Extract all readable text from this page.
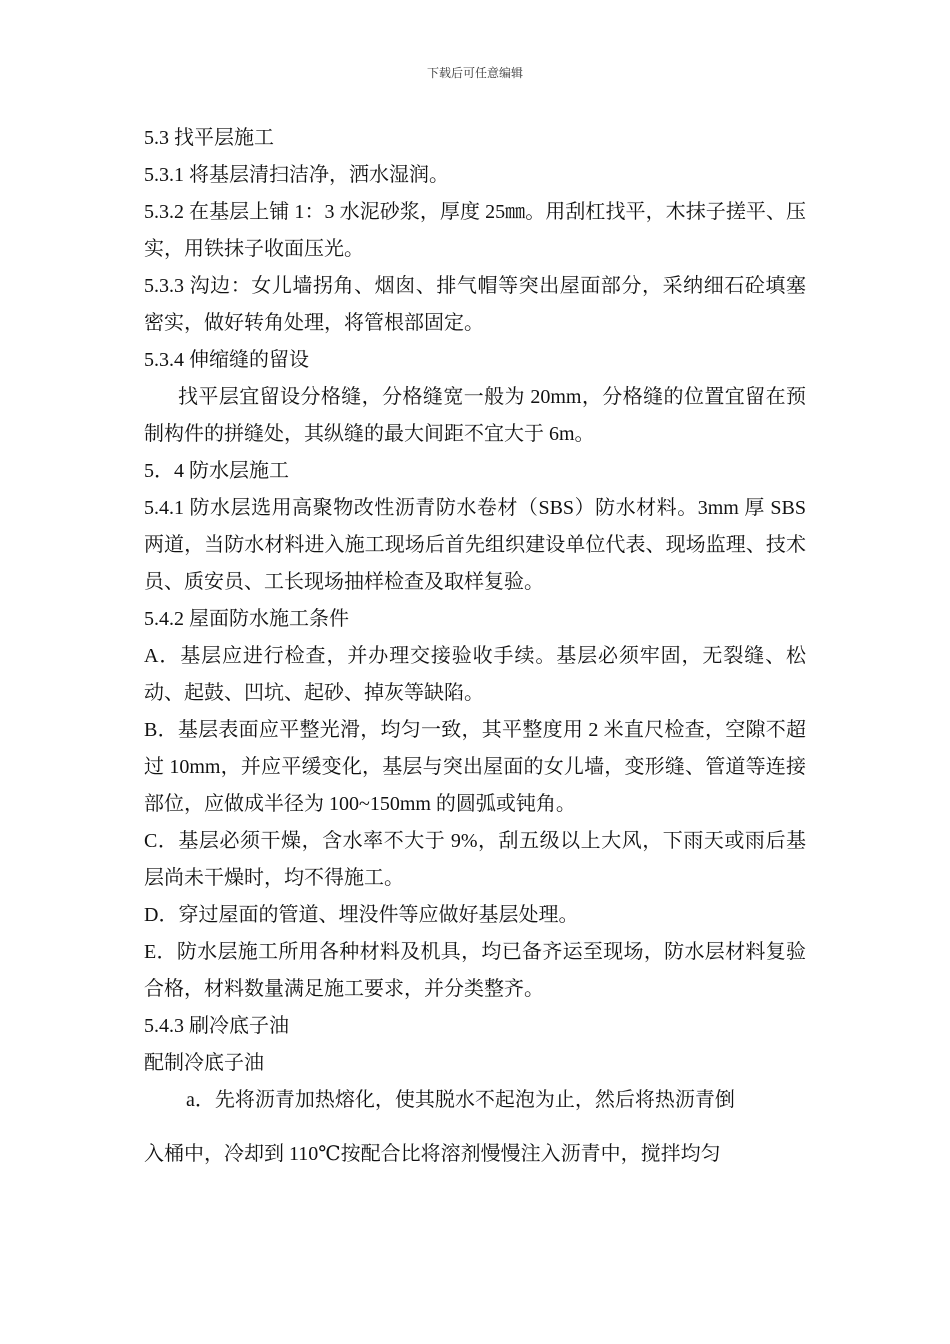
下载后可任意编辑

5.3 找平层施工

5.3.1 将基层清扫洁净，洒水湿润。

5.3.2 在基层上铺 1：3 水泥砂浆，厚度 25㎜。用刮杠找平，木抹子搓平、压实，用铁抹子收面压光。

5.3.3 沟边：女儿墙拐角、烟囱、排气帽等突出屋面部分，采纳细石砼填塞密实，做好转角处理，将管根部固定。

5.3.4 伸缩缝的留设

找平层宜留设分格缝，分格缝宽一般为 20mm，分格缝的位置宜留在预制构件的拼缝处，其纵缝的最大间距不宜大于 6m。

5．4 防水层施工

5.4.1 防水层选用高聚物改性沥青防水卷材（SBS）防水材料。3mm 厚 SBS 两道，当防水材料进入施工现场后首先组织建设单位代表、现场监理、技术员、质安员、工长现场抽样检查及取样复验。

5.4.2 屋面防水施工条件

A．基层应进行检查，并办理交接验收手续。基层必须牢固，无裂缝、松动、起鼓、凹坑、起砂、掉灰等缺陷。

B．基层表面应平整光滑，均匀一致，其平整度用 2 米直尺检查，空隙不超过 10mm，并应平缓变化，基层与突出屋面的女儿墙，变形缝、管道等连接部位，应做成半径为 100~150mm 的圆弧或钝角。

C．基层必须干燥，含水率不大于 9%，刮五级以上大风，下雨天或雨后基层尚未干燥时，均不得施工。

D．穿过屋面的管道、埋没件等应做好基层处理。

E．防水层施工所用各种材料及机具，均已备齐运至现场，防水层材料复验合格，材料数量满足施工要求，并分类整齐。

5.4.3 刷冷底子油

配制冷底子油

a．先将沥青加热熔化，使其脱水不起泡为止，然后将热沥青倒

入桶中，冷却到 110℃按配合比将溶剂慢慢注入沥青中，搅拌均匀
